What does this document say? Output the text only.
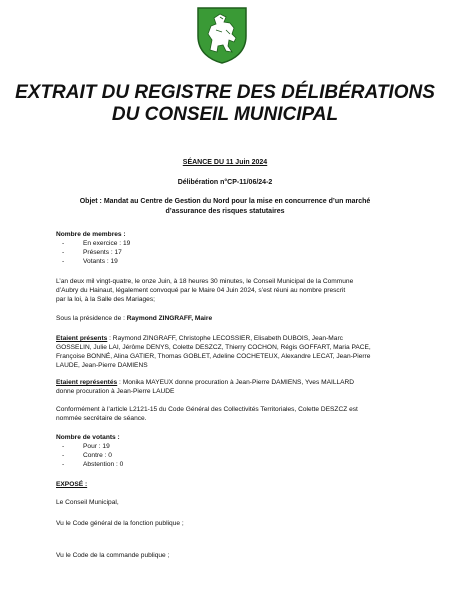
EXTRAIT DU REGISTRE DES DÉLIBÉRATIONS
DU CONSEIL MUNICIPAL
SÉANCE DU 11 Juin 2024
Délibération n°CP-11/06/24-2
Objet : Mandat au Centre de Gestion du Nord pour la mise en concurrence d’un marché
d’assurance des risques statutaires
Nombre de membres :
-	En exercice : 19
-	Présents : 17
-	Votants : 19
L’an deux mil vingt-quatre, le onze Juin, à 18 heures 30 minutes, le Conseil Municipal de la Commune
d’Aubry du Hainaut, légalement convoqué par le Maire 04 Juin 2024, s’est réuni au nombre prescrit
par la loi, à la Salle des Mariages;
Sous la présidence de : Raymond ZINGRAFF, Maire
Etaient présents : Raymond ZINGRAFF, Christophe LECOSSIER, Elisabeth DUBOIS, Jean-Marc
GOSSELIN, Julie LAI, Jérôme DENYS, Colette DESZCZ, Thierry COCHON, Régis GOFFART, Maria PACE,
Françoise BONNÉ, Alina GATIER, Thomas GOBLET, Adeline COCHETEUX, Alexandre LECAT, Jean-Pierre
LAUDE, Jean-Pierre DAMIENS
Etaient représentés : Monika MAYEUX donne procuration à Jean-Pierre DAMIENS, Yves MAILLARD
donne procuration à Jean-Pierre LAUDE
Conformément à l’article L2121-15 du Code Général des Collectivités Territoriales, Colette DESZCZ est
nommée secrétaire de séance.
Nombre de votants :
-	Pour : 19
-	Contre : 0
-	Abstention : 0
EXPOSÉ :
Le Conseil Municipal,
Vu le Code général de la fonction publique ;
Vu le Code de la commande publique ;
